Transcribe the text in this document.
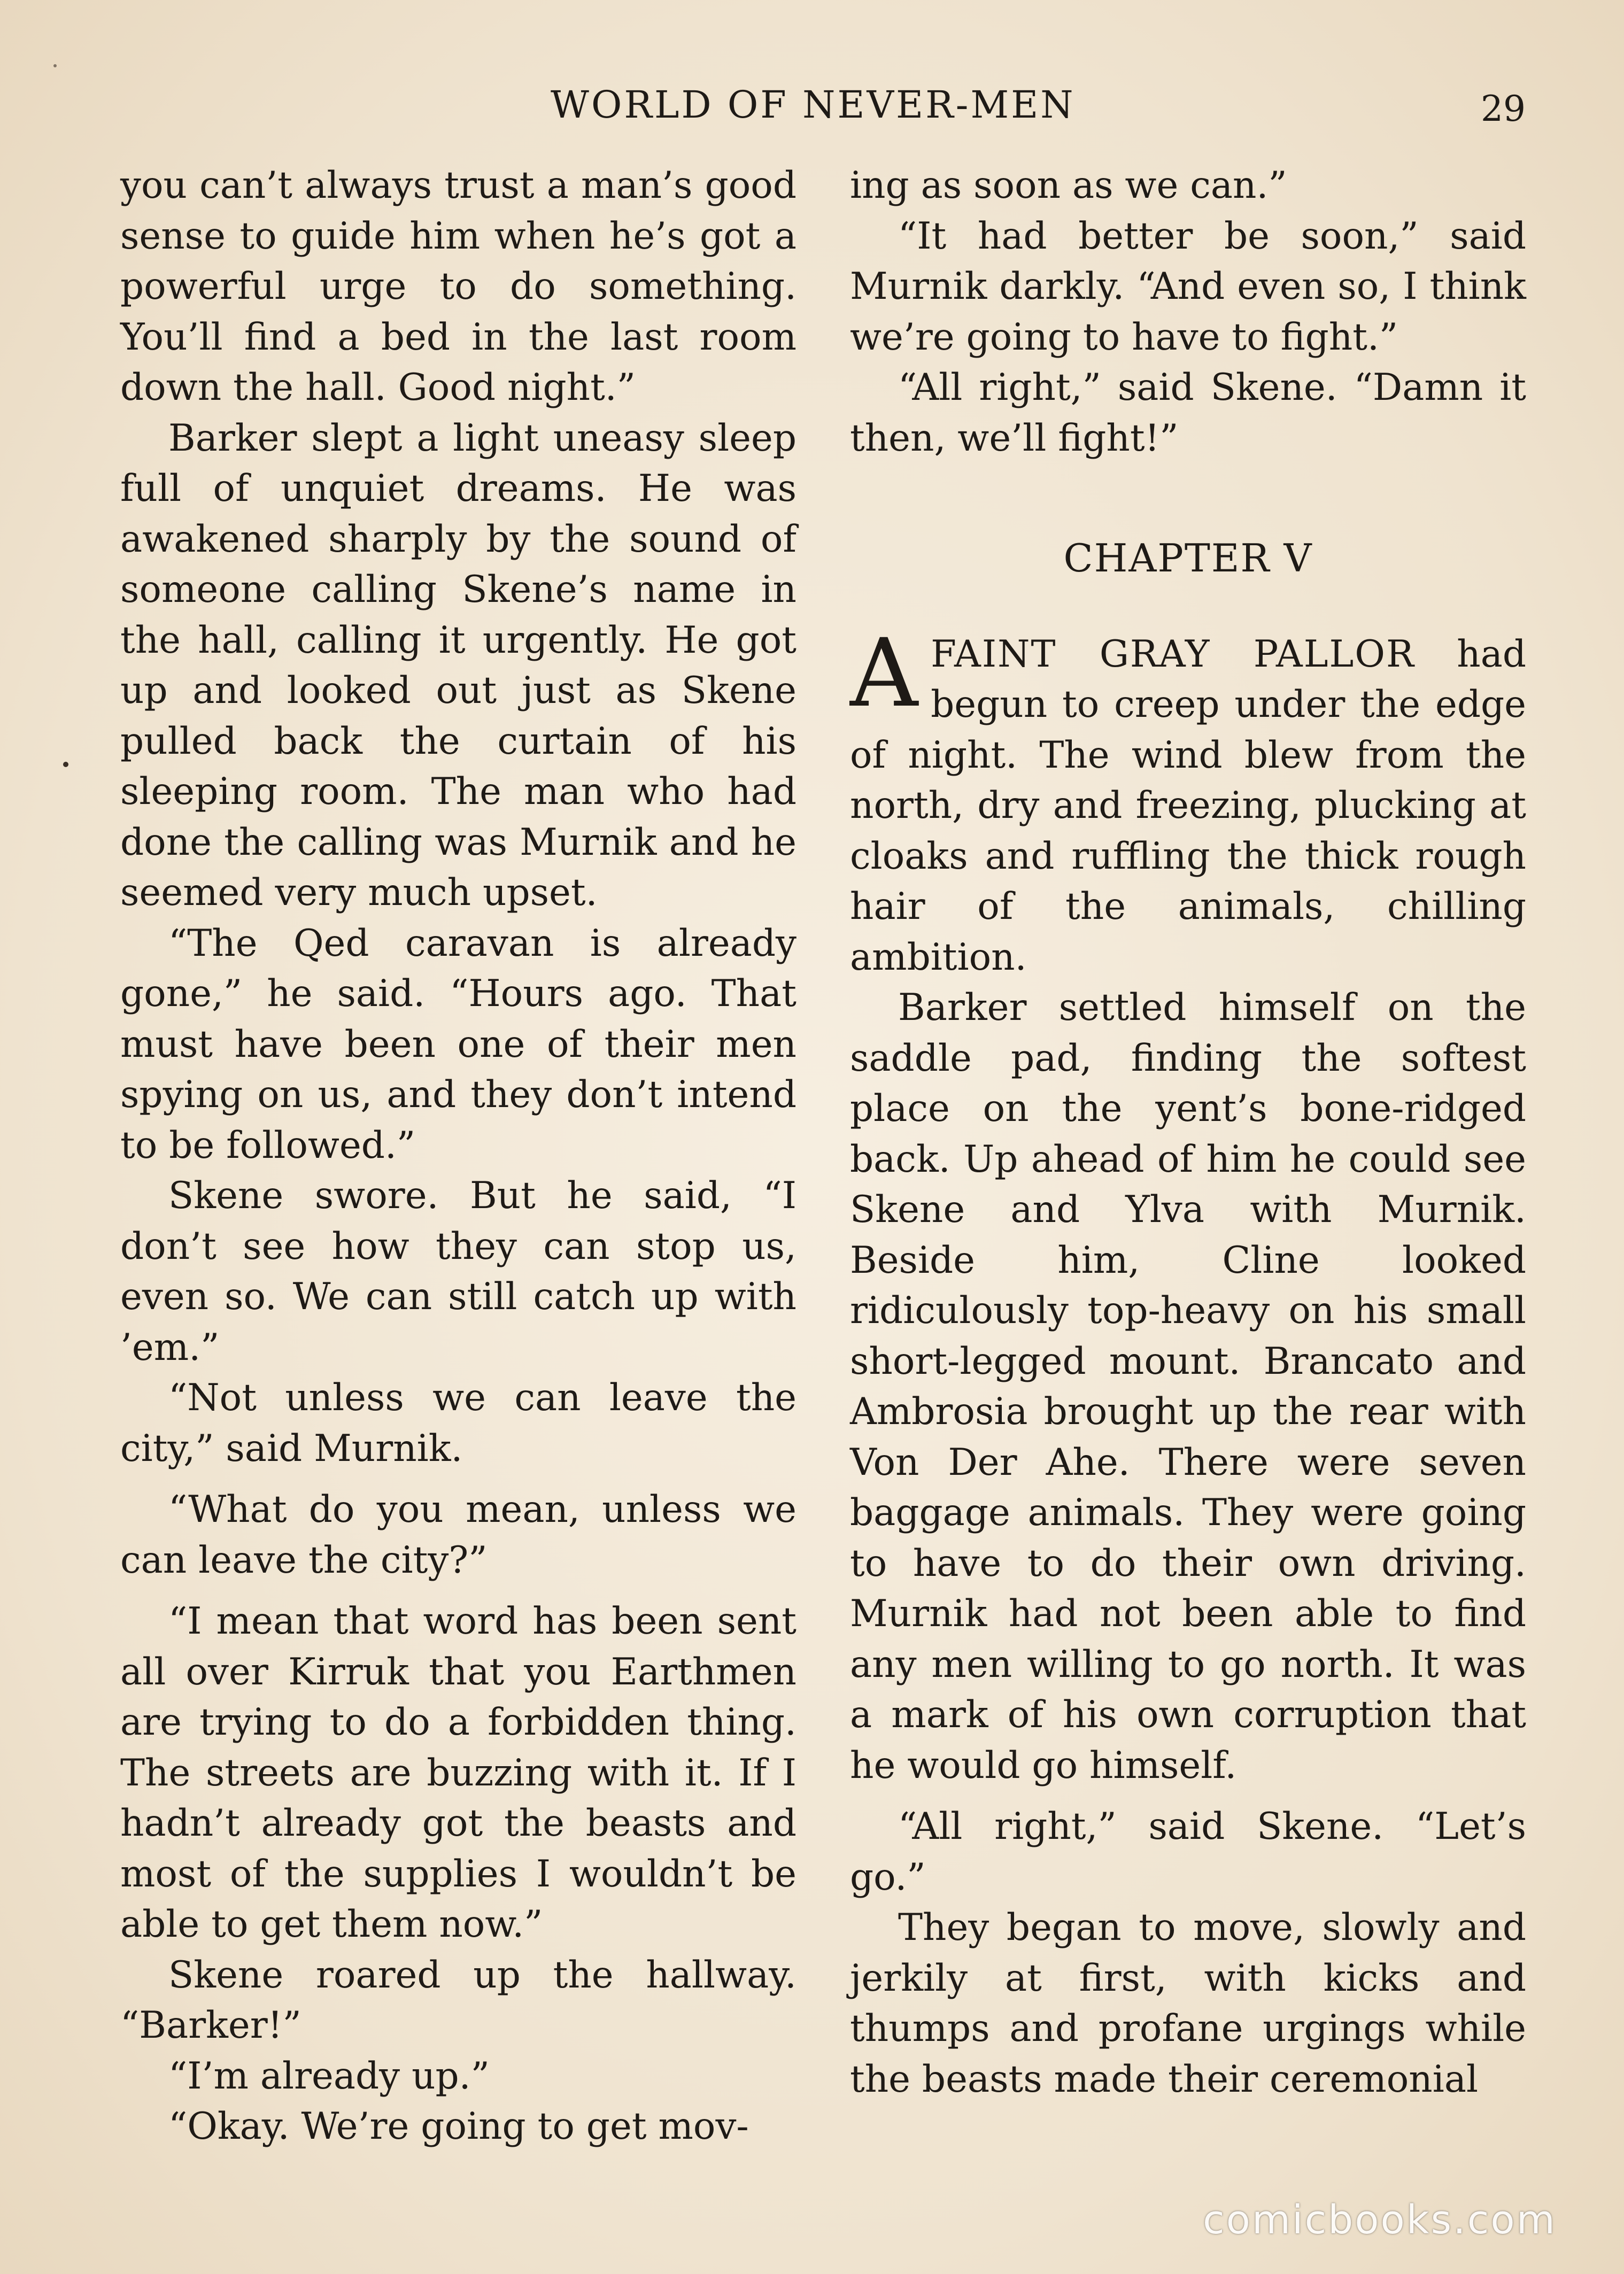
WORLD OF NEVER-MEN	29

you can’t always trust a man’s good sense to guide him when he’s got a powerful urge to do something. You’ll find a bed in the last room down the hall. Good night.”

Barker slept a light uneasy sleep full of unquiet dreams. He was awakened sharply by the sound of someone calling Skene’s name in the hall, calling it urgently. He got up and looked out just as Skene pulled back the curtain of his sleeping room. The man who had done the calling was Murnik and he seemed very much upset.

“The Qed caravan is already gone,” he said. “Hours ago. That must have been one of their men spying on us, and they don’t intend to be followed.”

Skene swore. But he said, “I don’t see how they can stop us, even so. We can still catch up with ’em.”

“Not unless we can leave the city,” said Murnik.

“What do you mean, unless we can leave the city?”

“I mean that word has been sent all over Kirruk that you Earthmen are trying to do a forbidden thing. The streets are buzzing with it. If I hadn’t already got the beasts and most of the supplies I wouldn’t be able to get them now.”

Skene roared up the hallway. “Barker!”

“I’m already up.”

“Okay. We’re going to get mov-

ing as soon as we can.”

“It had better be soon,” said Murnik darkly. “And even so, I think we’re going to have to fight.”

“All right,” said Skene. “Damn it then, we’ll fight!”

CHAPTER V

AFAINT GRAY PALLOR had begun to creep under the edge of night. The wind blew from the north, dry and freezing, plucking at cloaks and ruffling the thick rough hair of the animals, chilling ambition.

Barker settled himself on the saddle pad, finding the softest place on the yent’s bone-ridged back. Up ahead of him he could see Skene and Ylva with Murnik. Beside him, Cline looked ridiculously top-heavy on his small short-legged mount. Brancato and Ambrosia brought up the rear with Von Der Ahe. There were seven baggage animals. They were going to have to do their own driving. Murnik had not been able to find any men willing to go north. It was a mark of his own corruption that he would go himself.

“All right,” said Skene. “Let’s go.”

They began to move, slowly and jerkily at first, with kicks and thumps and profane urgings while the beasts made their ceremonial

comicbooks.com
